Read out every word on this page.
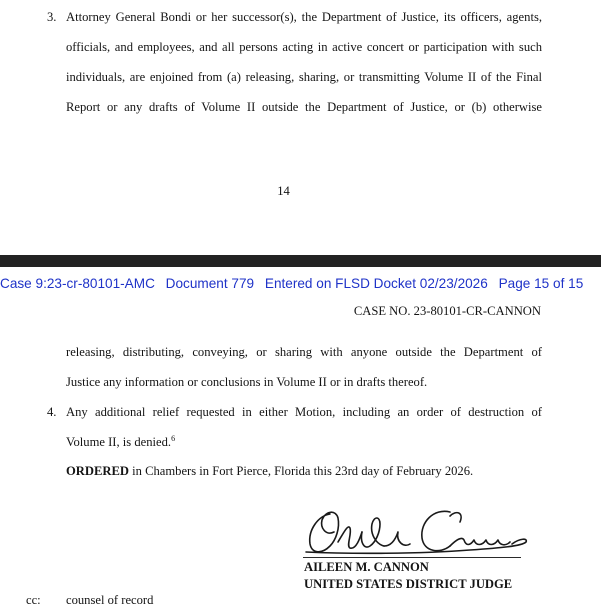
3. Attorney General Bondi or her successor(s), the Department of Justice, its officers, agents,
officials, and employees, and all persons acting in active concert or participation with such
individuals, are enjoined from (a) releasing, sharing, or transmitting Volume II of the Final
Report or any drafts of Volume II outside the Department of Justice, or (b) otherwise
14
Case 9:23-cr-80101-AMC Document 779 Entered on FLSD Docket 02/23/2026 Page 15 of 15
CASE NO. 23-80101-CR-CANNON
releasing, distributing, conveying, or sharing with anyone outside the Department of
Justice any information or conclusions in Volume II or in drafts thereof.
4. Any additional relief requested in either Motion, including an order of destruction of
Volume II, is denied.$^6$
ORDERED in Chambers in Fort Pierce, Florida this 23rd day of February 2026.
AILEEN M. CANNON
UNITED STATES DISTRICT JUDGE
cc: counsel of record
